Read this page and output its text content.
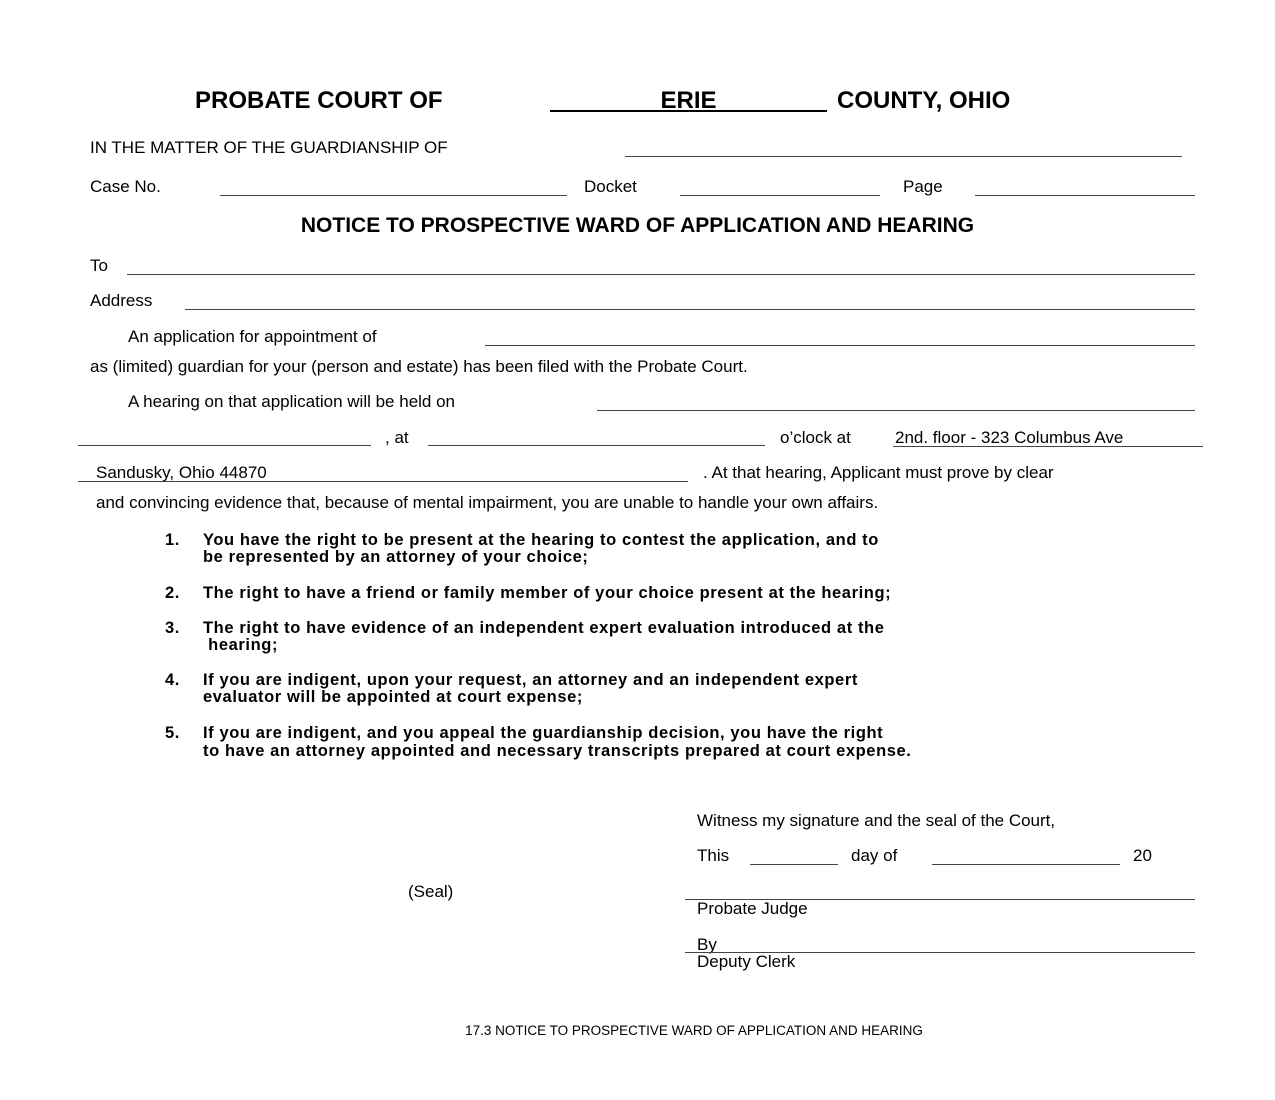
PROBATE COURT OF	ERIE	COUNTY, OHIO
IN THE MATTER OF THE GUARDIANSHIP OF
Case No.	Docket	Page
NOTICE TO PROSPECTIVE WARD OF APPLICATION AND HEARING
To
Address
An application for appointment of
as (limited) guardian for your (person and estate) has been filed with the Probate Court.
A hearing on that application will be held on
, at	o’clock at	2nd. floor - 323 Columbus Ave
Sandusky, Ohio 44870	. At that hearing, Applicant must prove by clear
and convincing evidence that, because of mental impairment, you are unable to handle your own affairs.
1. You have the right to be present at the hearing to contest the application, and to
be represented by an attorney of your choice;
2. The right to have a friend or family member of your choice present at the hearing;
3. The right to have evidence of an independent expert evaluation introduced at the
hearing;
4. If you are indigent, upon your request, an attorney and an independent expert
evaluator will be appointed at court expense;
5. If you are indigent, and you appeal the guardianship decision, you have the right
to have an attorney appointed and necessary transcripts prepared at court expense.
Witness my signature and the seal of the Court,
This	day of	20
(Seal)
Probate Judge
By
Deputy Clerk
17.3 NOTICE TO PROSPECTIVE WARD OF APPLICATION AND HEARING
